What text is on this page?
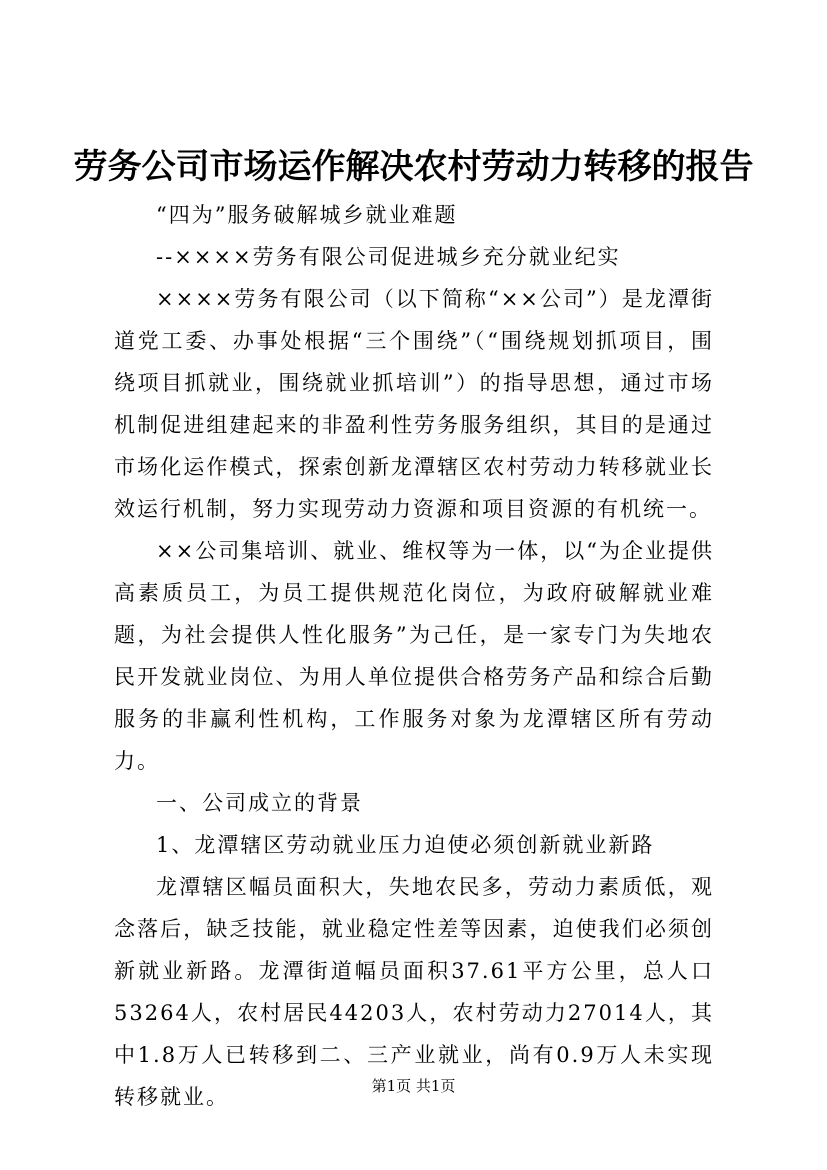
劳务公司市场运作解决农村劳动力转移的报告

“四为”服务破解城乡就业难题

--××××劳务有限公司促进城乡充分就业纪实

××××劳务有限公司（以下简称“××公司”）是龙潭街道党工委、办事处根据“三个围绕”（“围绕规划抓项目，围绕项目抓就业，围绕就业抓培训”）的指导思想，通过市场机制促进组建起来的非盈利性劳务服务组织，其目的是通过市场化运作模式，探索创新龙潭辖区农村劳动力转移就业长效运行机制，努力实现劳动力资源和项目资源的有机统一。

××公司集培训、就业、维权等为一体，以“为企业提供高素质员工，为员工提供规范化岗位，为政府破解就业难题，为社会提供人性化服务”为己任，是一家专门为失地农民开发就业岗位、为用人单位提供合格劳务产品和综合后勤服务的非赢利性机构，工作服务对象为龙潭辖区所有劳动力。

一、公司成立的背景

1、龙潭辖区劳动就业压力迫使必须创新就业新路

龙潭辖区幅员面积大，失地农民多，劳动力素质低，观念落后，缺乏技能，就业稳定性差等因素，迫使我们必须创新就业新路。龙潭街道幅员面积37.61平方公里，总人口53264人，农村居民44203人，农村劳动力27014人，其中1.8万人已转移到二、三产业就业，尚有0.9万人未实现转移就业。	第1页 共1页
